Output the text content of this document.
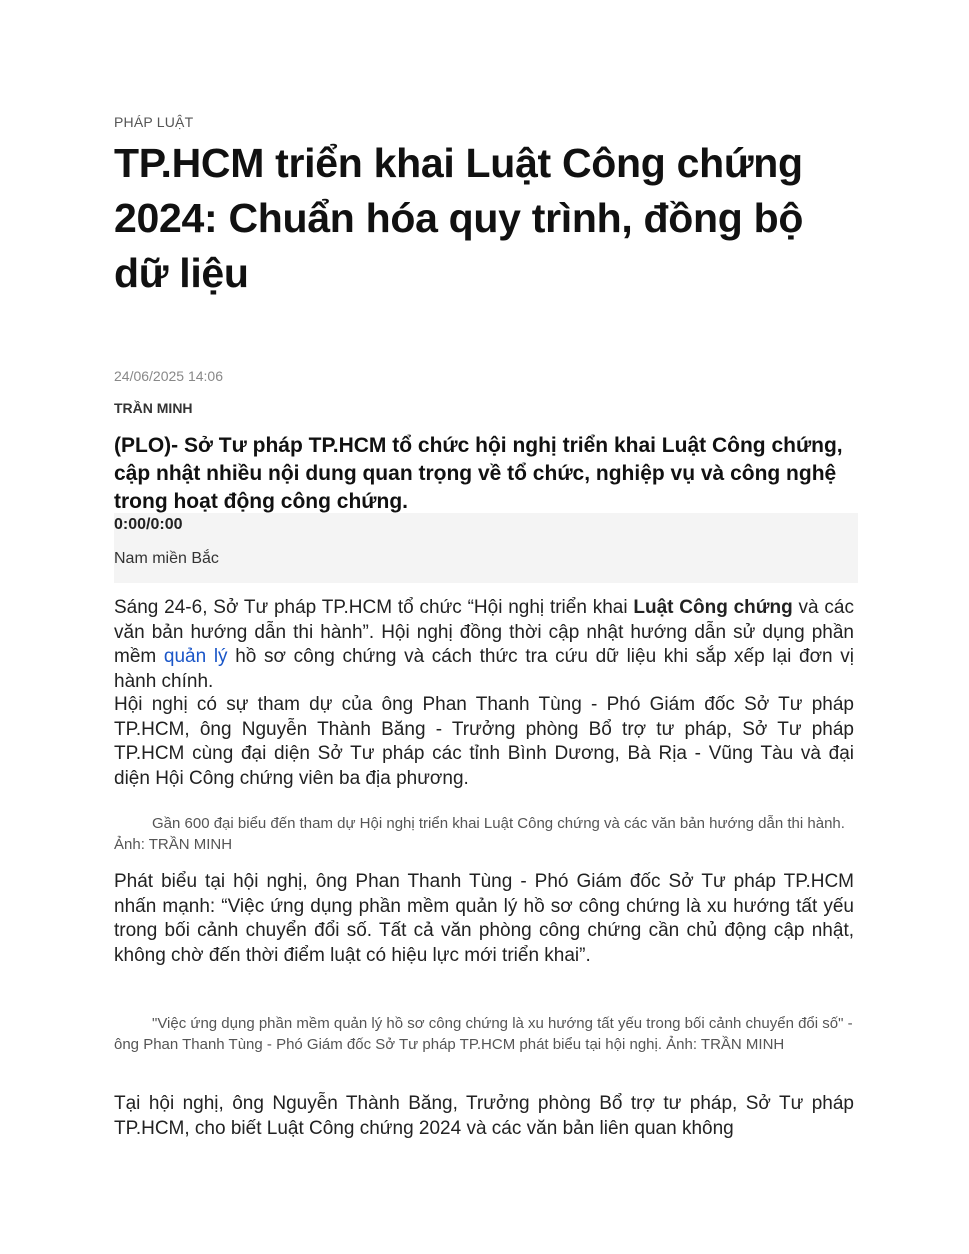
PHÁP LUẬT
TP.HCM triển khai Luật Công chứng 2024: Chuẩn hóa quy trình, đồng bộ dữ liệu
24/06/2025 14:06
TRẦN MINH

(PLO)- Sở Tư pháp TP.HCM tổ chức hội nghị triển khai Luật Công chứng, cập nhật nhiều nội dung quan trọng về tổ chức, nghiệp vụ và công nghệ trong hoạt động công chứng.

0:00/0:00
Nam miền Bắc

Sáng 24-6, Sở Tư pháp TP.HCM tổ chức “Hội nghị triển khai Luật Công chứng và các văn bản hướng dẫn thi hành”. Hội nghị đồng thời cập nhật hướng dẫn sử dụng phần mềm quản lý hồ sơ công chứng và cách thức tra cứu dữ liệu khi sắp xếp lại đơn vị hành chính.

Hội nghị có sự tham dự của ông Phan Thanh Tùng - Phó Giám đốc Sở Tư pháp TP.HCM, ông Nguyễn Thành Băng - Trưởng phòng Bổ trợ tư pháp, Sở Tư pháp TP.HCM cùng đại diện Sở Tư pháp các tỉnh Bình Dương, Bà Rịa - Vũng Tàu và đại diện Hội Công chứng viên ba địa phương.

Gần 600 đại biểu đến tham dự Hội nghị triển khai Luật Công chứng và các văn bản hướng dẫn thi hành. Ảnh: TRẦN MINH

Phát biểu tại hội nghị, ông Phan Thanh Tùng - Phó Giám đốc Sở Tư pháp TP.HCM nhấn mạnh: “Việc ứng dụng phần mềm quản lý hồ sơ công chứng là xu hướng tất yếu trong bối cảnh chuyển đổi số. Tất cả văn phòng công chứng cần chủ động cập nhật, không chờ đến thời điểm luật có hiệu lực mới triển khai”.

"Việc ứng dụng phần mềm quản lý hồ sơ công chứng là xu hướng tất yếu trong bối cảnh chuyển đổi số" - ông Phan Thanh Tùng - Phó Giám đốc Sở Tư pháp TP.HCM phát biểu tại hội nghị. Ảnh: TRẦN MINH

Tại hội nghị, ông Nguyễn Thành Băng, Trưởng phòng Bổ trợ tư pháp, Sở Tư pháp TP.HCM, cho biết Luật Công chứng 2024 và các văn bản liên quan không
